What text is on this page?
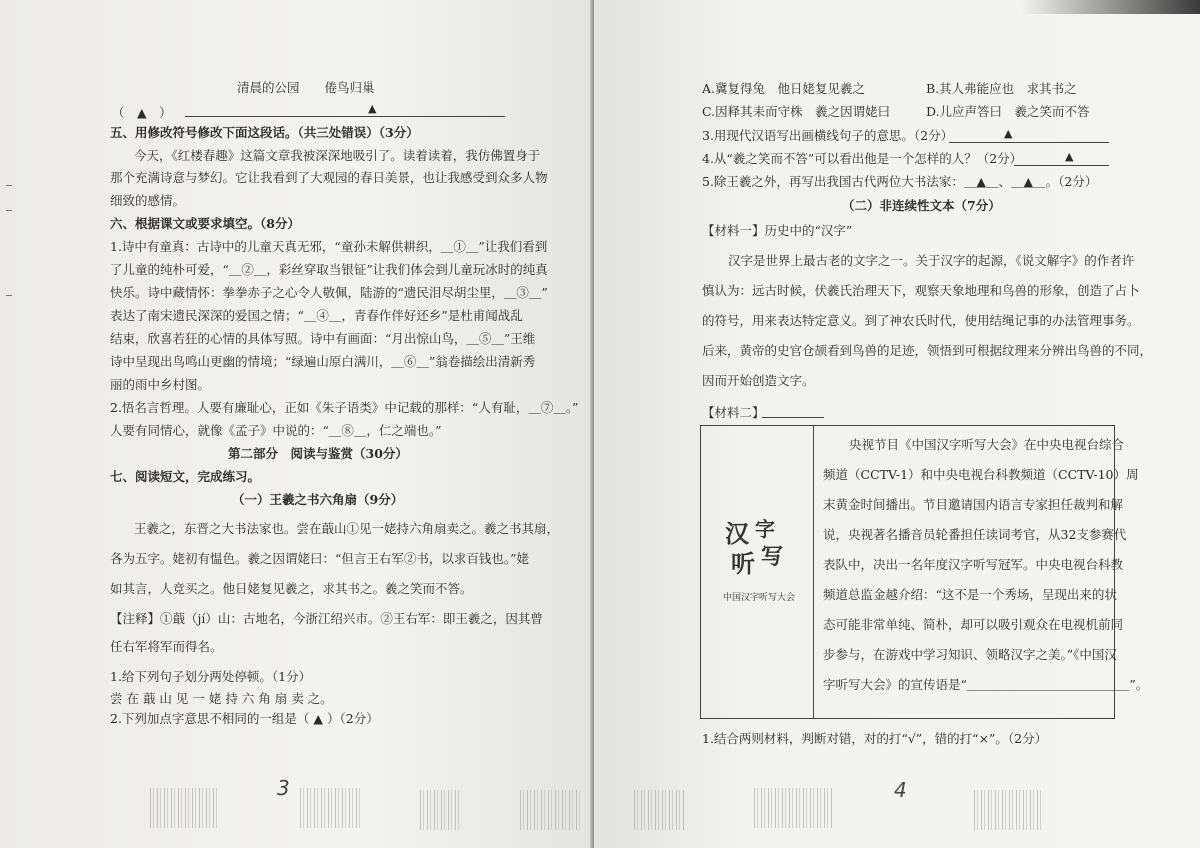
清晨的公园　　倦鸟归巢
（　▲　）	▲
五、用修改符号修改下面这段话。（共三处错误）（3分）
今天，《红楼春趣》这篇文章我被深深地吸引了。读着读着，我仿佛置身于
那个充满诗意与梦幻。它让我看到了大观园的春日美景，也让我感受到众多人物
细致的感情。
六、根据课文或要求填空。（8分）
1.诗中有童真：古诗中的儿童天真无邪，“童孙未解供耕织，＿①＿”让我们看到
了儿童的纯朴可爱，“＿②＿，彩丝穿取当银钲”让我们体会到儿童玩冰时的纯真
快乐。诗中藏情怀：拳拳赤子之心令人敬佩，陆游的“遗民泪尽胡尘里，＿③＿”
表达了南宋遗民深深的爱国之情；“＿④＿，青春作伴好还乡”是杜甫闻战乱
结束，欣喜若狂的心情的具体写照。诗中有画面：“月出惊山鸟，＿⑤＿”王维
诗中呈现出鸟鸣山更幽的情境；“绿遍山原白满川，＿⑥＿”翁卷描绘出清新秀
丽的雨中乡村图。
2.悟名言哲理。人要有廉耻心，正如《朱子语类》中记载的那样：“人有耻，＿⑦＿。”
人要有同情心，就像《孟子》中说的：“＿⑧＿，仁之端也。”
第二部分　阅读与鉴赏（30分）
七、阅读短文，完成练习。
（一）王羲之书六角扇（9分）
王羲之，东晋之大书法家也。尝在蕺山①见一姥持六角扇卖之。羲之书其扇，
各为五字。姥初有愠色。羲之因谓姥曰：“但言王右军②书，以求百钱也。”姥
如其言，人竞买之。他日姥复见羲之，求其书之。羲之笑而不答。
【注释】①蕺（jí）山：古地名，今浙江绍兴市。②王右军：即王羲之，因其曾
任右军将军而得名。
1.给下列句子划分两处停顿。（1分）
尝 在 蕺 山 见 一 姥 持 六 角 扇 卖 之。
2.下列加点字意思不相同的一组是（ ▲ ）（2分）
3
A.冀复得兔　他日姥复见羲之	B.其人弗能应也　求其书之
C.因释其耒而守株　羲之因谓姥曰	D.儿应声答曰　羲之笑而不答
3.用现代汉语写出画横线句子的意思。（2分）	▲
4.从“羲之笑而不答”可以看出他是一个怎样的人？（2分）	▲
5.除王羲之外，再写出我国古代两位大书法家：＿▲＿、＿▲＿。（2分）
（二）非连续性文本（7分）
【材料一】历史中的“汉字”
汉字是世界上最古老的文字之一。关于汉字的起源，《说文解字》的作者许
慎认为：远古时候，伏羲氏治理天下，观察天象地理和鸟兽的形象，创造了占卜
的符号，用来表达特定意义。到了神农氏时代，使用结绳记事的办法管理事务。
后来，黄帝的史官仓颉看到鸟兽的足迹，领悟到可根据纹理来分辨出鸟兽的不同，
因而开始创造文字。
【材料二】
汉 字
听 写
中国汉字听写大会
央视节目《中国汉字听写大会》在中央电视台综合
频道（CCTV-1）和中央电视台科教频道（CCTV-10）周
末黄金时间播出。节目邀请国内语言专家担任裁判和解
说，央视著名播音员轮番担任读词考官，从32支参赛代
表队中，决出一名年度汉字听写冠军。中央电视台科教
频道总监金越介绍：“这不是一个秀场，呈现出来的状
态可能非常单纯、简朴，却可以吸引观众在电视机前同
步参与，在游戏中学习知识、领略汉字之美。”《中国汉
字听写大会》的宣传语是“＿＿＿＿＿＿＿＿＿＿＿＿＿”。
1.结合两则材料，判断对错，对的打“√”，错的打“×”。（2分）
4
